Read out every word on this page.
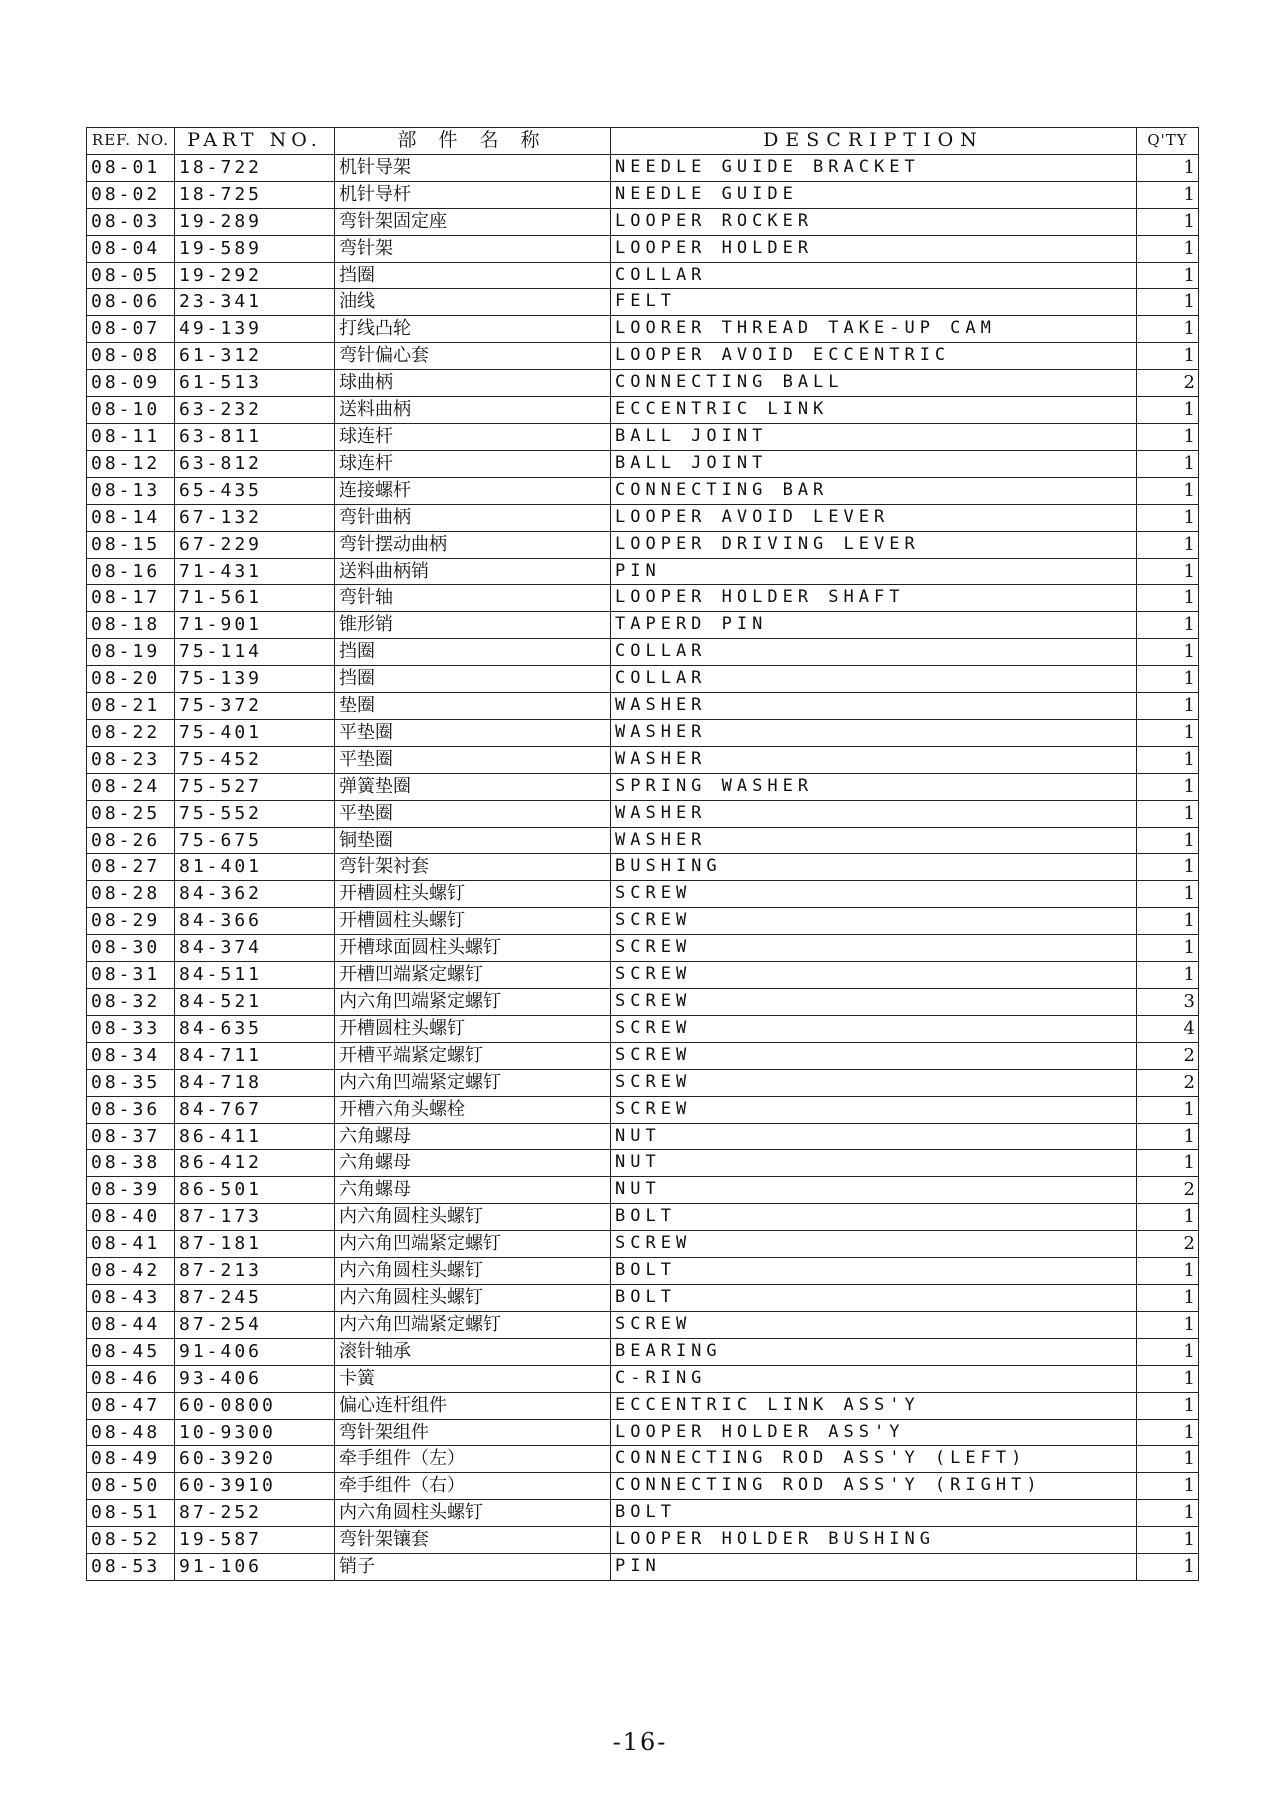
REF. NO.	PART NO.	部 件 名 称	DESCRIPTION	Q'TY
08-01	18-722	机针导架	NEEDLE GUIDE BRACKET	1
08-02	18-725	机针导杆	NEEDLE GUIDE	1
08-03	19-289	弯针架固定座	LOOPER ROCKER	1
08-04	19-589	弯针架	LOOPER HOLDER	1
08-05	19-292	挡圈	COLLAR	1
08-06	23-341	油线	FELT	1
08-07	49-139	打线凸轮	LOORER THREAD TAKE-UP CAM	1
08-08	61-312	弯针偏心套	LOOPER AVOID ECCENTRIC	1
08-09	61-513	球曲柄	CONNECTING BALL	2
08-10	63-232	送料曲柄	ECCENTRIC LINK	1
08-11	63-811	球连杆	BALL JOINT	1
08-12	63-812	球连杆	BALL JOINT	1
08-13	65-435	连接螺杆	CONNECTING BAR	1
08-14	67-132	弯针曲柄	LOOPER AVOID LEVER	1
08-15	67-229	弯针摆动曲柄	LOOPER DRIVING LEVER	1
08-16	71-431	送料曲柄销	PIN	1
08-17	71-561	弯针轴	LOOPER HOLDER SHAFT	1
08-18	71-901	锥形销	TAPERD PIN	1
08-19	75-114	挡圈	COLLAR	1
08-20	75-139	挡圈	COLLAR	1
08-21	75-372	垫圈	WASHER	1
08-22	75-401	平垫圈	WASHER	1
08-23	75-452	平垫圈	WASHER	1
08-24	75-527	弹簧垫圈	SPRING WASHER	1
08-25	75-552	平垫圈	WASHER	1
08-26	75-675	铜垫圈	WASHER	1
08-27	81-401	弯针架衬套	BUSHING	1
08-28	84-362	开槽圆柱头螺钉	SCREW	1
08-29	84-366	开槽圆柱头螺钉	SCREW	1
08-30	84-374	开槽球面圆柱头螺钉	SCREW	1
08-31	84-511	开槽凹端紧定螺钉	SCREW	1
08-32	84-521	内六角凹端紧定螺钉	SCREW	3
08-33	84-635	开槽圆柱头螺钉	SCREW	4
08-34	84-711	开槽平端紧定螺钉	SCREW	2
08-35	84-718	内六角凹端紧定螺钉	SCREW	2
08-36	84-767	开槽六角头螺栓	SCREW	1
08-37	86-411	六角螺母	NUT	1
08-38	86-412	六角螺母	NUT	1
08-39	86-501	六角螺母	NUT	2
08-40	87-173	内六角圆柱头螺钉	BOLT	1
08-41	87-181	内六角凹端紧定螺钉	SCREW	2
08-42	87-213	内六角圆柱头螺钉	BOLT	1
08-43	87-245	内六角圆柱头螺钉	BOLT	1
08-44	87-254	内六角凹端紧定螺钉	SCREW	1
08-45	91-406	滚针轴承	BEARING	1
08-46	93-406	卡簧	C-RING	1
08-47	60-0800	偏心连杆组件	ECCENTRIC LINK ASS'Y	1
08-48	10-9300	弯针架组件	LOOPER HOLDER ASS'Y	1
08-49	60-3920	牵手组件（左）	CONNECTING ROD ASS'Y (LEFT)	1
08-50	60-3910	牵手组件（右）	CONNECTING ROD ASS'Y (RIGHT)	1
08-51	87-252	内六角圆柱头螺钉	BOLT	1
08-52	19-587	弯针架镶套	LOOPER HOLDER BUSHING	1
08-53	91-106	销子	PIN	1
-16-
